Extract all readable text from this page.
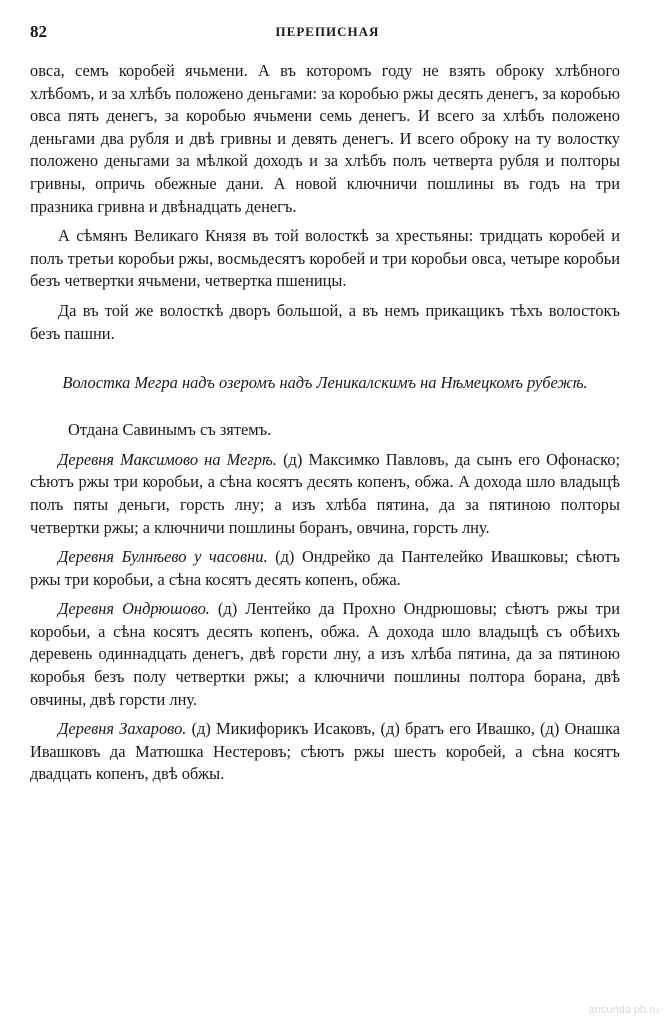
82	ПЕРЕПИСНАЯ

овса, семъ коробей ячьмени. А въ которомъ году не взять оброку хлѣбного хлѣбомъ, и за хлѣбъ положено деньгами: за коробью ржы десять денегъ, за коробью овса пять денегъ, за коробью ячьмени семь денегъ. И всего за хлѣбъ положено деньгами два рубля и двѣ гривны и девять денегъ. И всего оброку на ту волостку положено деньгами за мѣлкой доходъ и за хлѣбъ полъ четверта рубля и полторы гривны, опричь обежные дани. А новой ключничи пошлины въ годъ на три празника гривна и двѣнадцать денегъ.

А сѣмянъ Великаго Князя въ той волосткѣ за хрестьяны: тридцать коробей и полъ третьи коробьи ржы, восмьдесятъ коробей и три коробьи овса, четыре коробьи безъ четвертки ячьмени, четвертка пшеницы.

Да въ той же волосткѣ дворъ большой, а въ немъ прикащикъ тѣхъ волостокъ безъ пашни.

Волостка Мегра надъ озеромъ надъ Леникалскимъ на Нѣмецкомъ рубежѣ.

Отдана Савинымъ съ зятемъ.

Деревня Максимово на Мегрѣ. (д) Максимко Павловъ, да сынъ его Офонаско; сѣютъ ржы три коробьи, а сѣна косятъ десять копенъ, обжа. А дохода шло владыцѣ полъ пяты деньги, горсть лну; а изъ хлѣба пятина, да за пятиною полторы четвертки ржы; а ключничи пошлины боранъ, овчина, горсть лну.

Деревня Булнѣево у часовни. (д) Ондрейко да Пантелейко Ивашковы; сѣютъ ржы три коробьи, а сѣна косятъ десять копенъ, обжа.

Деревня Ондрюшово. (д) Лентейко да Прохно Ондрюшовы; сѣютъ ржы три коробьи, а сѣна косятъ десять копенъ, обжа. А дохода шло владыцѣ съ обѣихъ деревень одиннадцать денегъ, двѣ горсти лну, а изъ хлѣба пятина, да за пятиною коробья безъ полу четвертки ржы; а ключничи пошлины полтора борана, двѣ овчины, двѣ горсти лну.

Деревня Захарово. (д) Микифорикъ Исаковъ, (д) братъ его Ивашко, (д) Онашка Ивашковъ да Матюшка Нестеровъ; сѣютъ ржы шесть коробей, а сѣна косятъ двадцать копенъ, двѣ обжы.

ansunda pb.ru
